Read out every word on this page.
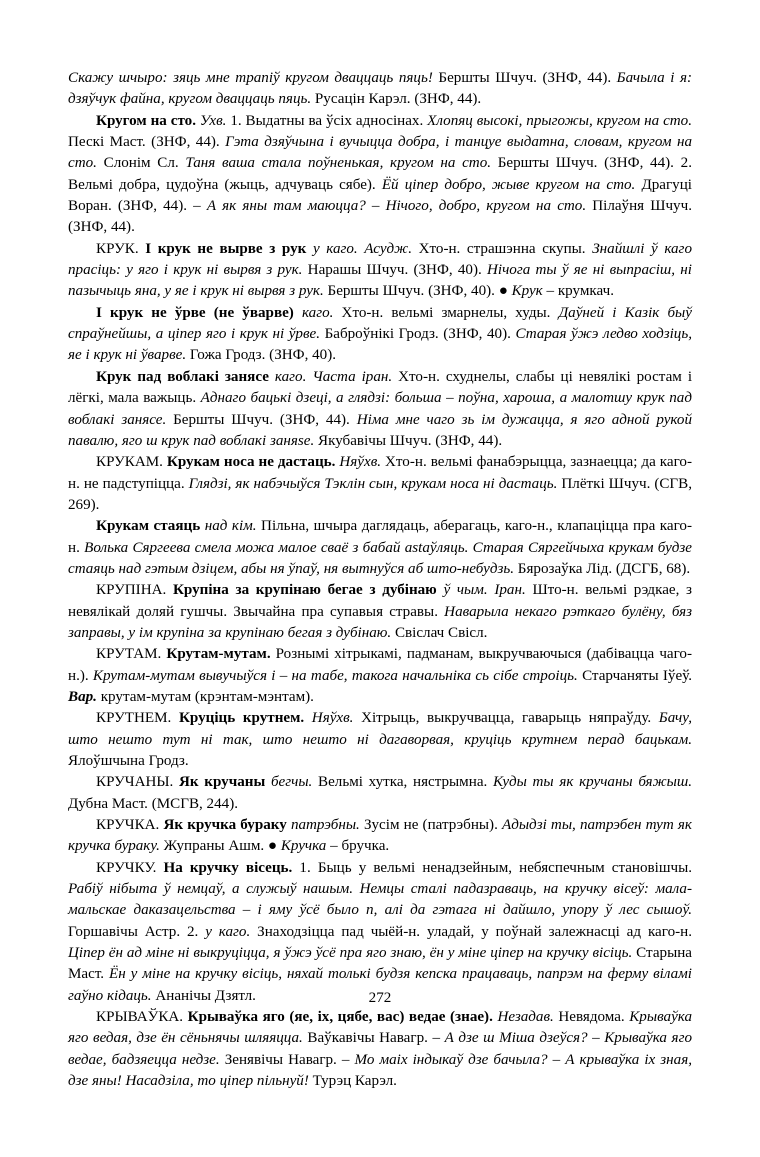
Скажу шчыро: зяць мне трапіў кругом дваццаць пяць! Бершты Шчуч. (ЗНФ, 44). Бачыла і я: дзяўчук файна, кругом дваццаць пяць. Русацін Карэл. (ЗНФ, 44).

Кругом на сто. Ухв. 1. Выдатны ва ўсіх адносінах. Хлопяц высокі, прыгожы, кругом на сто. Пескі Маст. (ЗНФ, 44). Гэта дзяўчына і вучыцца добра, і танцуе выдатна, словам, кругом на сто. Слонім Сл. Таня ваша стала поўненькая, кругом на сто. Бершты Шчуч. (ЗНФ, 44). 2. Вельмі добра, цудоўна (жыць, адчуваць сябе). Ёй ціпер добро, жыве кругом на сто. Драгуці Воран. (ЗНФ, 44). – А як яны там маюцца? – Нічого, добро, кругом на сто. Пілаўня Шчуч. (ЗНФ, 44).

КРУК. І крук не вырве з рук у каго. Асудж. Хто-н. страшэнна скупы. Знайшлі ў каго прасіць: у яго і крук ні вырвя з рук. Нарашы Шчуч. (ЗНФ, 40). Нічога ты ў яе ні выпрасіш, ні пазычыць яна, у яе і крук ні вырвя з рук. Бершты Шчуч. (ЗНФ, 40). ● Крук – крумкач.

І крук не ўрве (не ўварве) каго. Хто-н. вельмі змарнелы, худы. Даўней і Казік быў спраўнейшы, а ціпер яго і крук ні ўрве. Баброўнікі Гродз. (ЗНФ, 40). Старая ўжэ ледво ходзіць, яе і крук ні ўварве. Гожа Гродз. (ЗНФ, 40).

Крук пад воблакі занясе каго. Часта іран. Хто-н. схуднелы, слабы ці невялікі ростам і лёгкі, мала важыць. Аднаго бацькі дзеці, а глядзі: больша – поўна, хароша, а малотшу крук пад воблакі занясе. Бершты Шчуч. (ЗНФ, 44). Німа мне чаго зь ім дужацца, я яго адной рукой павалю, яго ш крук пад воблакі заняse. Якубавічы Шчуч. (ЗНФ, 44).

КРУКАМ. Крукам носа не дастаць. Няўхв. Хто-н. вельмі фанабэрыцца, зазнаецца; да каго-н. не падступіцца. Глядзі, як набэчыўся Тэклін сын, крукам носа ні дастаць. Плёткі Шчуч. (СГВ, 269).

Крукам стаяць над кім. Пільна, шчыра даглядаць, аберагаць, каго-н., клапаціцца пра каго-н. Волька Сяргеева смела можа малое сваё з бабай astaўляць. Старая Сяргейчыха крукам будзе стаяць над гэтым дзіцем, абы ня ўпаў, ня вытнуўся аб што-небудзь. Бярозаўка Лід. (ДСГБ, 68).

КРУПІНА. Крупіна за крупінаю бегае з дубінаю ў чым. Іран. Што-н. вельмі рэдкае, з невялікай доляй гушчы. Звычайна пра супавыя стравы. Наварыла некаго рэткаго булёну, бяз заправы, у ім крупіна за крупінаю бегая з дубінаю. Свіслач Свісл.

КРУТАМ. Крутам-мутам. Рознымі хітрыкамі, падманам, выкручваючыся (дабівацца чаго-н.). Крутам-мутам вывучыўся і – на табе, такога начальніка сь сібе строіць. Старчаняты Іўеў. Вар. крутам-мутам (крэнтам-мэнтам).

КРУТНЕМ. Круціць крутнем. Няўхв. Хітрыць, выкручвацца, гаварыць няпраўду. Бачу, што нешто тут ні так, што нешто ні дагаворвая, круціць крутнем перад бацькам. Ялоўшчына Гродз.

КРУЧАНЫ. Як кручаны бегчы. Вельмі хутка, нястрымна. Куды ты як кручаны бяжыш. Дубна Маст. (МСГВ, 244).

КРУЧКА. Як кручка бураку патрэбны. Зусім не (патрэбны). Адыдзі ты, патрэбен тут як кручка бураку. Жупраны Ашм. ● Кручка – бручка.

КРУЧКУ. На кручку вісець. 1. Быць у вельмі ненадзейным, небяспечным становішчы. Рабіў нібыта ў немцаў, а служыў нашым. Немцы сталі падазраваць, на кручку вісеў: мала-мальскае даказацельства – і яму ўсё было п, алі да гэтага ні дайшло, упору ў лес сышоў. Горшавічы Астр. 2. у каго. Знаходзіцца пад чыёй-н. уладай, у поўнай залежнасці ад каго-н. Ціпер ён ад міне ні выкруціцца, я ўжэ ўсё пра яго знаю, ён у міне ціпер на кручку вісіць. Старына Маст. Ён у міне на кручку вісіць, няхай толькі будзя кепска працаваць, папрэм на ферму віламі гаўно кідаць. Ананічы Дзятл.

КРЫВАЎКА. Крываўка яго (яе, іх, цябе, вас) ведае (знае). Незадав. Невядома. Крываўка яго ведая, дзе ён сёньнячы шляяцца. Ваўкавічы Навагр. – А дзе ш Міша дзеўся? – Крываўка яго ведае, бадзяецца недзе. Зенявічы Навагр. – Мо маіх індыкаў дзе бачыла? – А крываўка іх зная, дзе яны! Насадзіла, то ціпер пільнуй! Турэц Карэл.

272
